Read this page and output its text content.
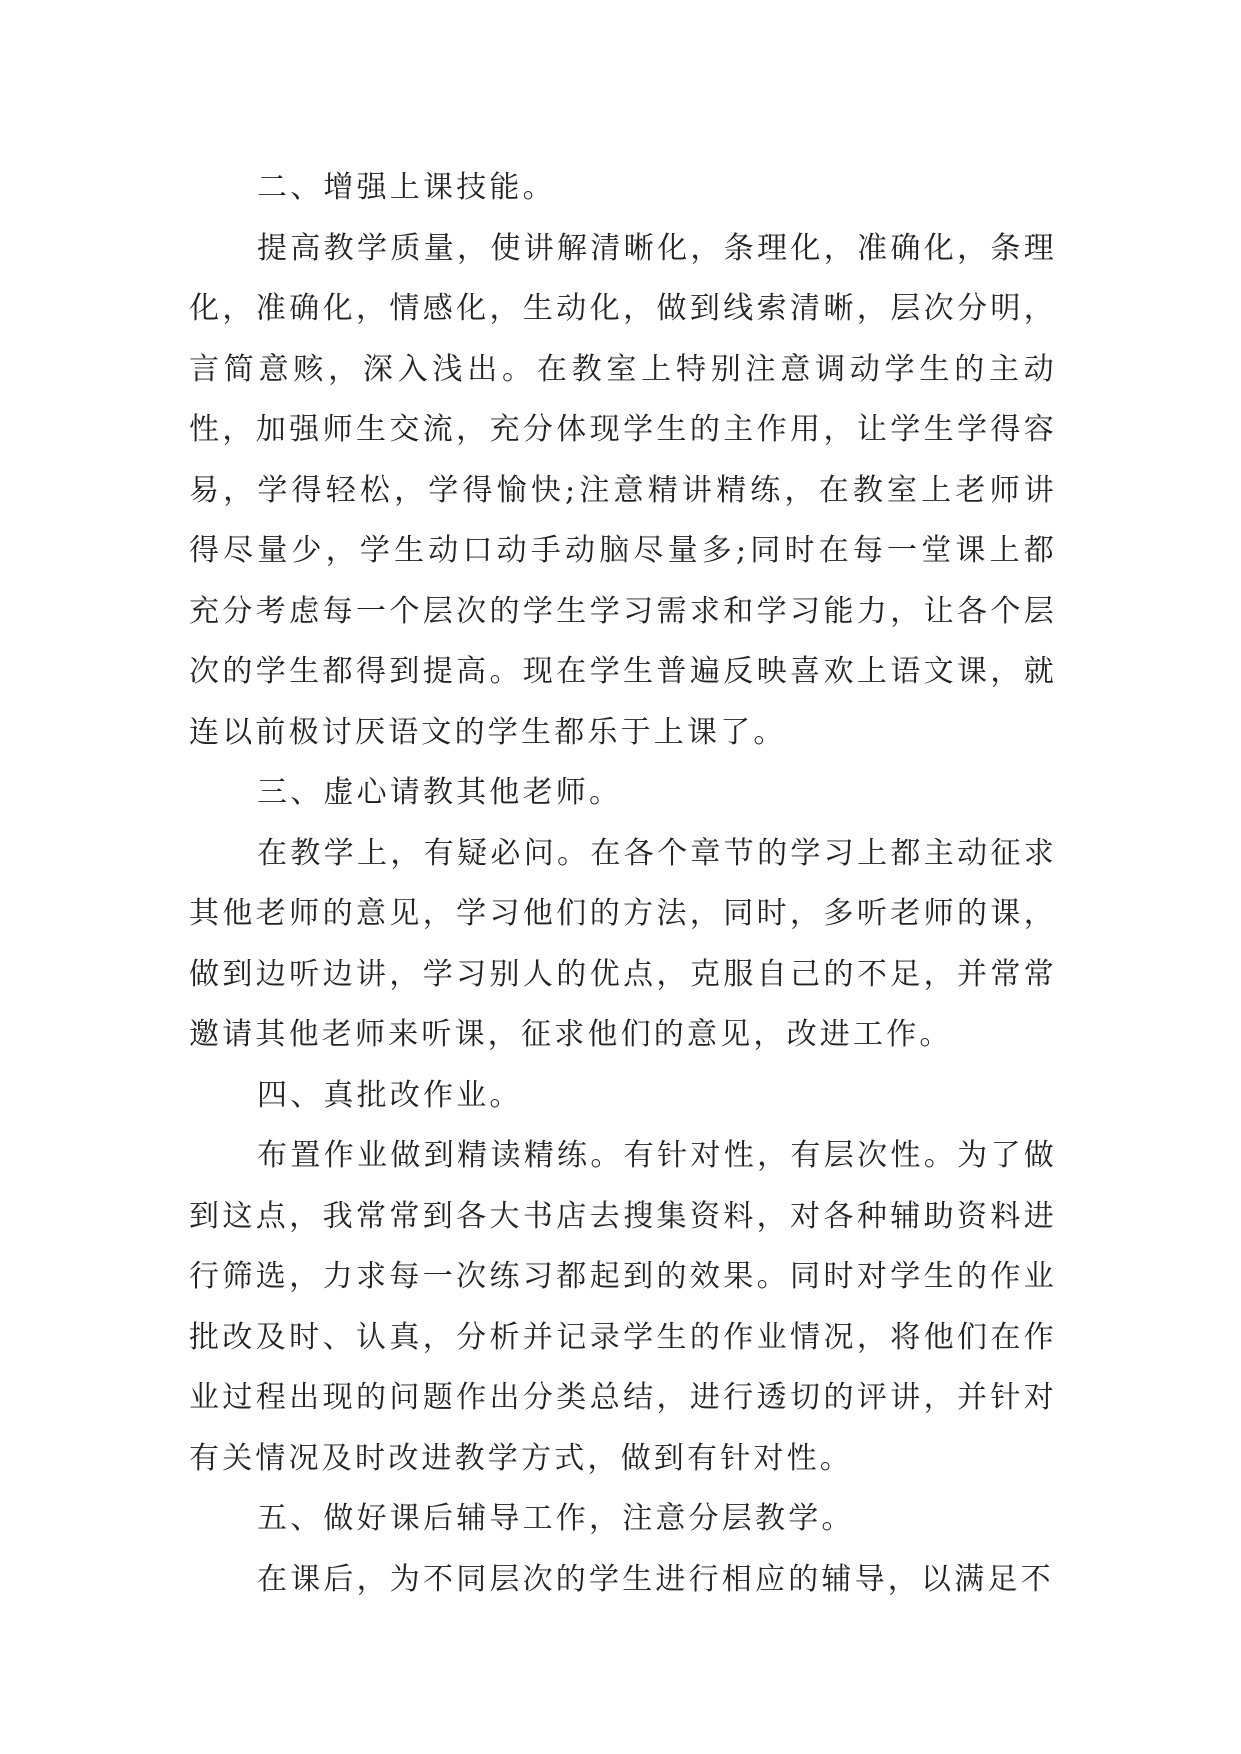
二、增强上课技能。

提高教学质量，使讲解清晰化，条理化，准确化，条理化，准确化，情感化，生动化，做到线索清晰，层次分明，言简意赅，深入浅出。在教室上特别注意调动学生的主动性，加强师生交流，充分体现学生的主作用，让学生学得容易，学得轻松，学得愉快;注意精讲精练，在教室上老师讲得尽量少，学生动口动手动脑尽量多;同时在每一堂课上都充分考虑每一个层次的学生学习需求和学习能力，让各个层次的学生都得到提高。现在学生普遍反映喜欢上语文课，就连以前极讨厌语文的学生都乐于上课了。

三、虚心请教其他老师。

在教学上，有疑必问。在各个章节的学习上都主动征求其他老师的意见，学习他们的方法，同时，多听老师的课，做到边听边讲，学习别人的优点，克服自己的不足，并常常邀请其他老师来听课，征求他们的意见，改进工作。

四、真批改作业。

布置作业做到精读精练。有针对性，有层次性。为了做到这点，我常常到各大书店去搜集资料，对各种辅助资料进行筛选，力求每一次练习都起到的效果。同时对学生的作业批改及时、认真，分析并记录学生的作业情况，将他们在作业过程出现的问题作出分类总结，进行透切的评讲，并针对有关情况及时改进教学方式，做到有针对性。

五、做好课后辅导工作，注意分层教学。

在课后，为不同层次的学生进行相应的辅导，以满足不
